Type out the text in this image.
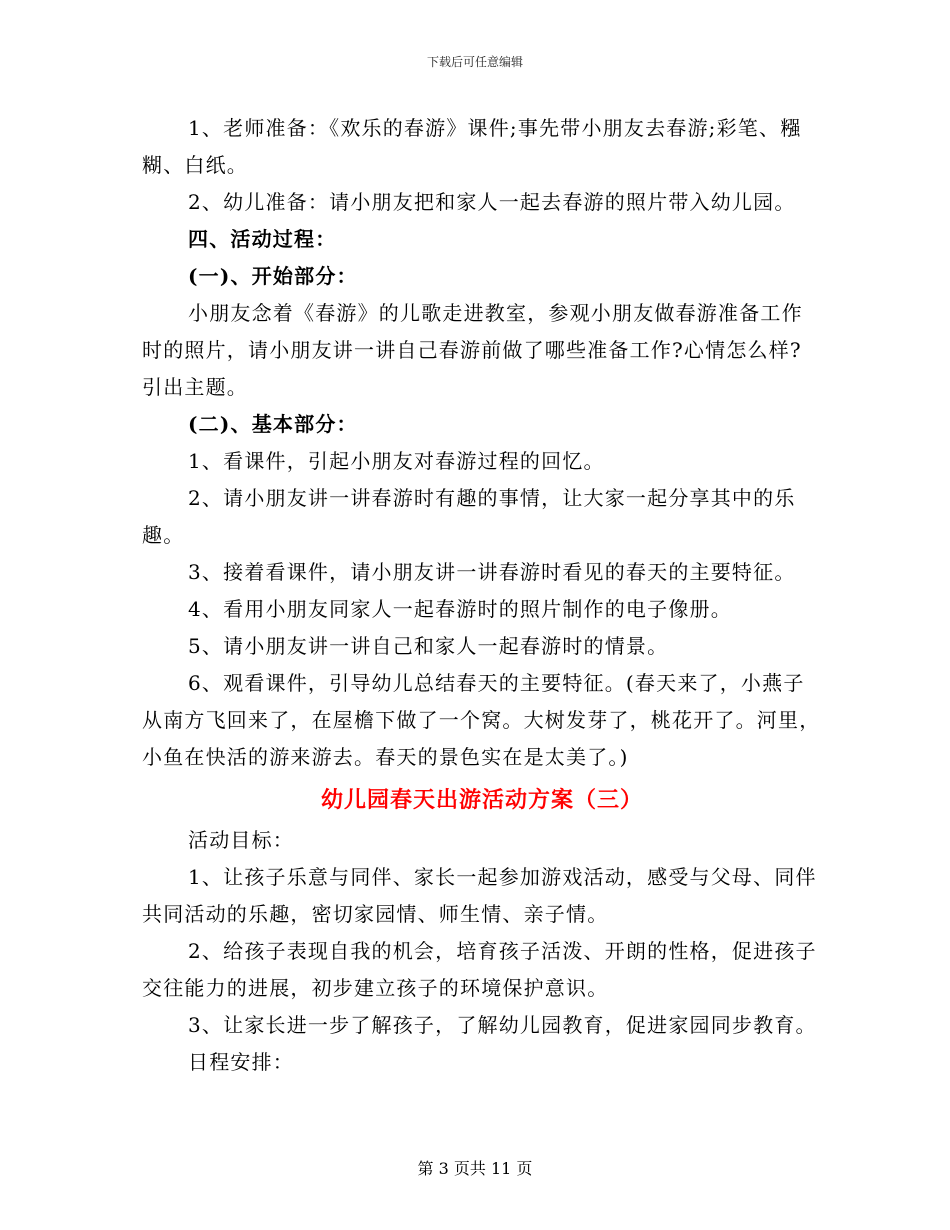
下载后可任意编辑

1、老师准备：《欢乐的春游》课件;事先带小朋友去春游;彩笔、糨糊、白纸。

2、幼儿准备：请小朋友把和家人一起去春游的照片带入幼儿园。

四、活动过程：

(一)、开始部分：

小朋友念着《春游》的儿歌走进教室，参观小朋友做春游准备工作时的照片，请小朋友讲一讲自己春游前做了哪些准备工作?心情怎么样?引出主题。

(二)、基本部分：

1、看课件，引起小朋友对春游过程的回忆。

2、请小朋友讲一讲春游时有趣的事情，让大家一起分享其中的乐趣。

3、接着看课件，请小朋友讲一讲春游时看见的春天的主要特征。

4、看用小朋友同家人一起春游时的照片制作的电子像册。

5、请小朋友讲一讲自己和家人一起春游时的情景。

6、观看课件，引导幼儿总结春天的主要特征。(春天来了，小燕子从南方飞回来了，在屋檐下做了一个窝。大树发芽了，桃花开了。河里，小鱼在快活的游来游去。春天的景色实在是太美了。)

幼儿园春天出游活动方案（三）

活动目标：

1、让孩子乐意与同伴、家长一起参加游戏活动，感受与父母、同伴共同活动的乐趣，密切家园情、师生情、亲子情。

2、给孩子表现自我的机会，培育孩子活泼、开朗的性格，促进孩子交往能力的进展，初步建立孩子的环境保护意识。

3、让家长进一步了解孩子，了解幼儿园教育，促进家园同步教育。

日程安排：

第 3 页共 11 页
